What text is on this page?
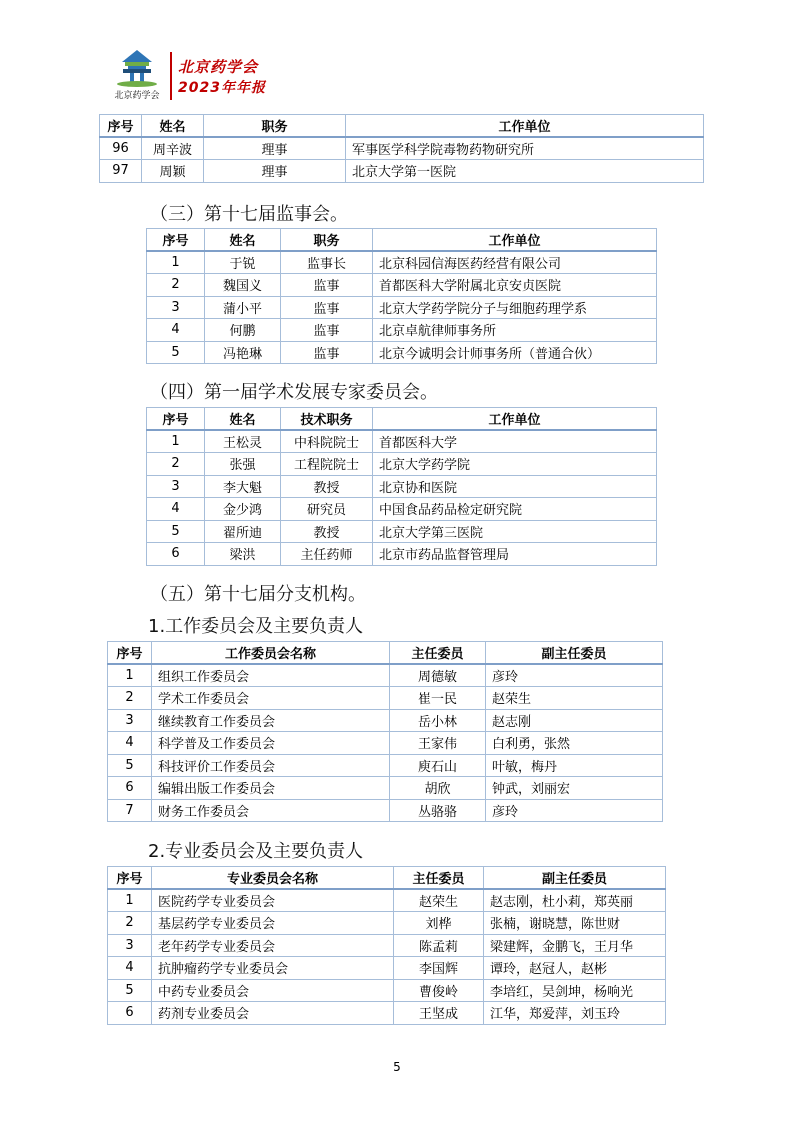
北京药学会
北京药学会
2023年年报
序号	姓名	职务	工作单位
96	周辛波	理事	军事医学科学院毒物药物研究所
97	周颖	理事	北京大学第一医院
（三）第十七届监事会。
序号	姓名	职务	工作单位
1	于锐	监事长	北京科园信海医药经营有限公司
2	魏国义	监事	首都医科大学附属北京安贞医院
3	蒲小平	监事	北京大学药学院分子与细胞药理学系
4	何鹏	监事	北京卓航律师事务所
5	冯艳琳	监事	北京今诚明会计师事务所（普通合伙）
（四）第一届学术发展专家委员会。
序号	姓名	技术职务	工作单位
1	王松灵	中科院院士	首都医科大学
2	张强	工程院院士	北京大学药学院
3	李大魁	教授	北京协和医院
4	金少鸿	研究员	中国食品药品检定研究院
5	翟所迪	教授	北京大学第三医院
6	梁洪	主任药师	北京市药品监督管理局
（五）第十七届分支机构。
1.工作委员会及主要负责人
序号	工作委员会名称	主任委员	副主任委员
1	组织工作委员会	周德敏	彦玲
2	学术工作委员会	崔一民	赵荣生
3	继续教育工作委员会	岳小林	赵志刚
4	科学普及工作委员会	王家伟	白利勇，张然
5	科技评价工作委员会	庾石山	叶敏，梅丹
6	编辑出版工作委员会	胡欣	钟武，刘丽宏
7	财务工作委员会	丛骆骆	彦玲
2.专业委员会及主要负责人
序号	专业委员会名称	主任委员	副主任委员
1	医院药学专业委员会	赵荣生	赵志刚，杜小莉，郑英丽
2	基层药学专业委员会	刘桦	张楠，谢晓慧，陈世财
3	老年药学专业委员会	陈孟莉	梁建辉，金鹏飞，王月华
4	抗肿瘤药学专业委员会	李国辉	谭玲，赵冠人，赵彬
5	中药专业委员会	曹俊岭	李培红，吴剑坤，杨响光
6	药剂专业委员会	王坚成	江华，郑爱萍，刘玉玲
5
